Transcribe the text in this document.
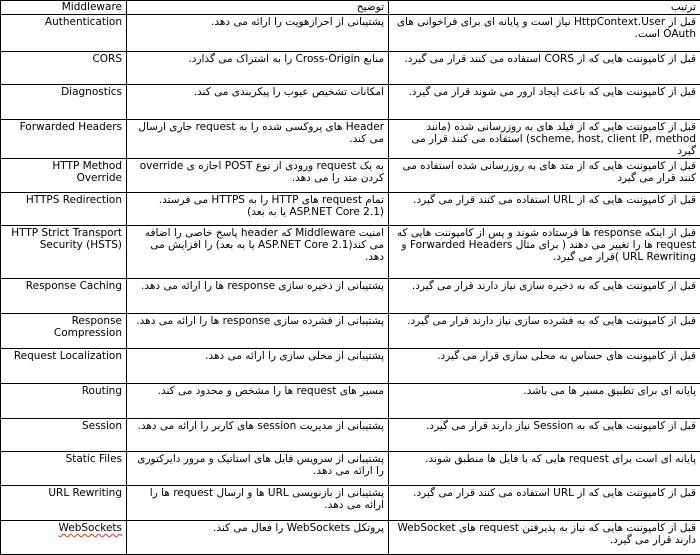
Middleware	توضیح	ترتیب
Authentication	پشتیبانی از احرازهویت را ارائه می دهد.	قبل از HttpContext.User نیاز است و پایانه ای برای فراخوانی های OAuth است.
CORS	منابع Cross-Origin را به اشتراک می گذارد.	قبل از کامپوننت هایی که از CORS استفاده می کنند قرار می گیرد.
Diagnostics	امکانات تشخیص عیوب را پیکربندی می کند.	قبل از کامپوننت هایی که باعث ایجاد ارور می شوند قرار می گیرد.
Forwarded Headers	Header های پروکسی شده را به request جاری ارسال می کند.	قبل از کامپوننت هایی که از فیلد های به روزرسانی شده (مانند scheme, host, client IP, method) استفاده می کنند قرار می گیرد
HTTP Method Override	به یک request ورودی از نوع POST اجازه ی override کردن متد را می دهد.	قبل از کامپوننت هایی که از متد های به روزرسانی شده استفاده می کنند قرار می گیرد
HTTPS Redirection	تمام request های HTTP را به HTTPS می فرستد. (ASP.NET Core 2.1 یا به بعد)	قبل از کامپوننت هایی که از URL استفاده می کنند قرار می گیرد.
HTTP Strict Transport Security (HSTS)	امنیت Middleware که header پاسخ خاصی را اضافه می کند(ASP.NET Core 2.1 یا به بعد) را افزایش می دهد.	قبل از اینکه response ها فرستاده شوند و پس از کامپوننت هایی که request ها را تغییر می دهند ( برای مثال Forwarded Headers و URL Rewriting )قرار می گیرد.
Response Caching	پشتیبانی از ذخیره سازی response ها را ارائه می دهد.	قبل از کامپوننت هایی که به ذخیره سازی نیاز دارند قرار می گیرد.
Response Compression	پشتیبانی از فشرده سازی response ها را ارائه می دهد.	قبل از کامپوننت هایی که به فشرده سازی نیاز دارند قرار می گیرد.
Request Localization	پشتیبانی از محلی سازی را ارائه می دهد.	قبل از کامپوننت های حساس به محلی سازی قرار می گیرد.
Routing	مسیر های request ها را مشخص و محدود می کند.	پایانه ای برای تطبیق مسیر ها می باشد.
Session	پشتیبانی از مدیریت session های کاربر را ارائه می دهد.	قبل از کامپوننت هایی که به Session نیاز دارند قرار می گیرد.
Static Files	پشتیبانی از سرویس فایل های استاتیک و مرور دایرکتوری را ارائه می دهد.	پایانه ای است برای request هایی که با فایل ها منطبق شوند.
URL Rewriting	پشتیبانی از بازنویسی URL ها و ارسال request ها را ارائه می دهد.	قبل از کامپوننت هایی که از URL استفاده می کنند قرار می گیرد.
WebSockets	پروتکل WebSockets را فعال می کند.	قبل از کامپوننت هایی که نیاز به پذیرفتن request های WebSocket دارند قرار می گیرد.
